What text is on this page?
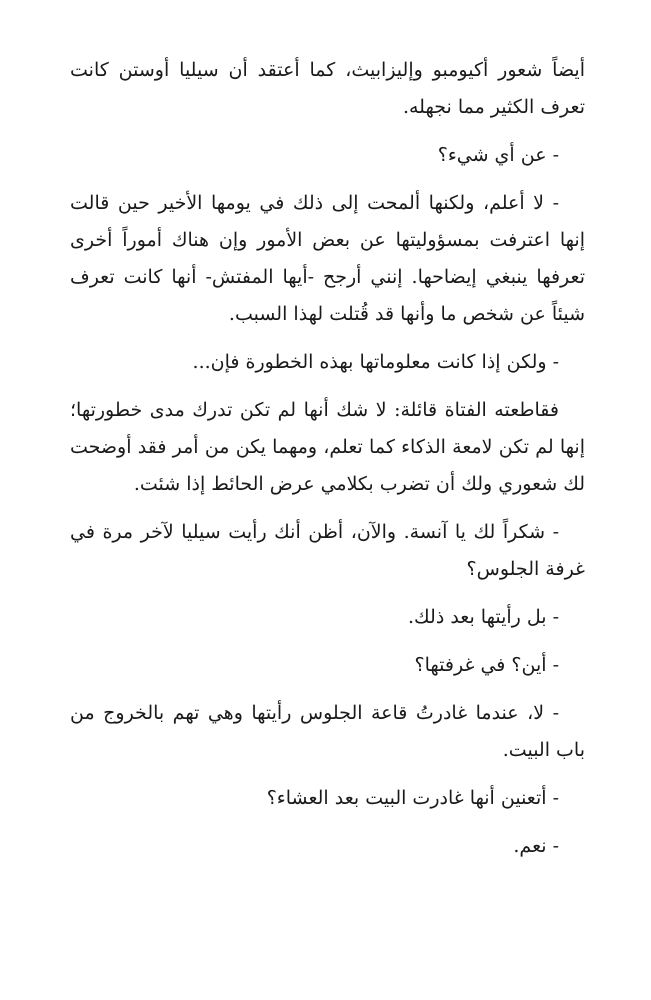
أيضاً شعور أكيومبو وإليزابيث، كما أعتقد أن سيليا أوستن كانت تعرف الكثير مما نجهله.

- عن أي شيء؟

- لا أعلم، ولكنها ألمحت إلى ذلك في يومها الأخير حين قالت إنها اعترفت بمسؤوليتها عن بعض الأمور وإن هناك أموراً أخرى تعرفها ينبغي إيضاحها. إنني أرجح -أيها المفتش- أنها كانت تعرف شيئاً عن شخص ما وأنها قد قُتلت لهذا السبب.

- ولكن إذا كانت معلوماتها بهذه الخطورة فإن...

فقاطعته الفتاة قائلة: لا شك أنها لم تكن تدرك مدى خطورتها؛ إنها لم تكن لامعة الذكاء كما تعلم، ومهما يكن من أمر فقد أوضحت لك شعوري ولك أن تضرب بكلامي عرض الحائط إذا شئت.

- شكراً لك يا آنسة. والآن، أظن أنك رأيت سيليا لآخر مرة في غرفة الجلوس؟

- بل رأيتها بعد ذلك.

- أين؟ في غرفتها؟

- لا، عندما غادرتُ قاعة الجلوس رأيتها وهي تهم بالخروج من باب البيت.

- أتعنين أنها غادرت البيت بعد العشاء؟

- نعم.
